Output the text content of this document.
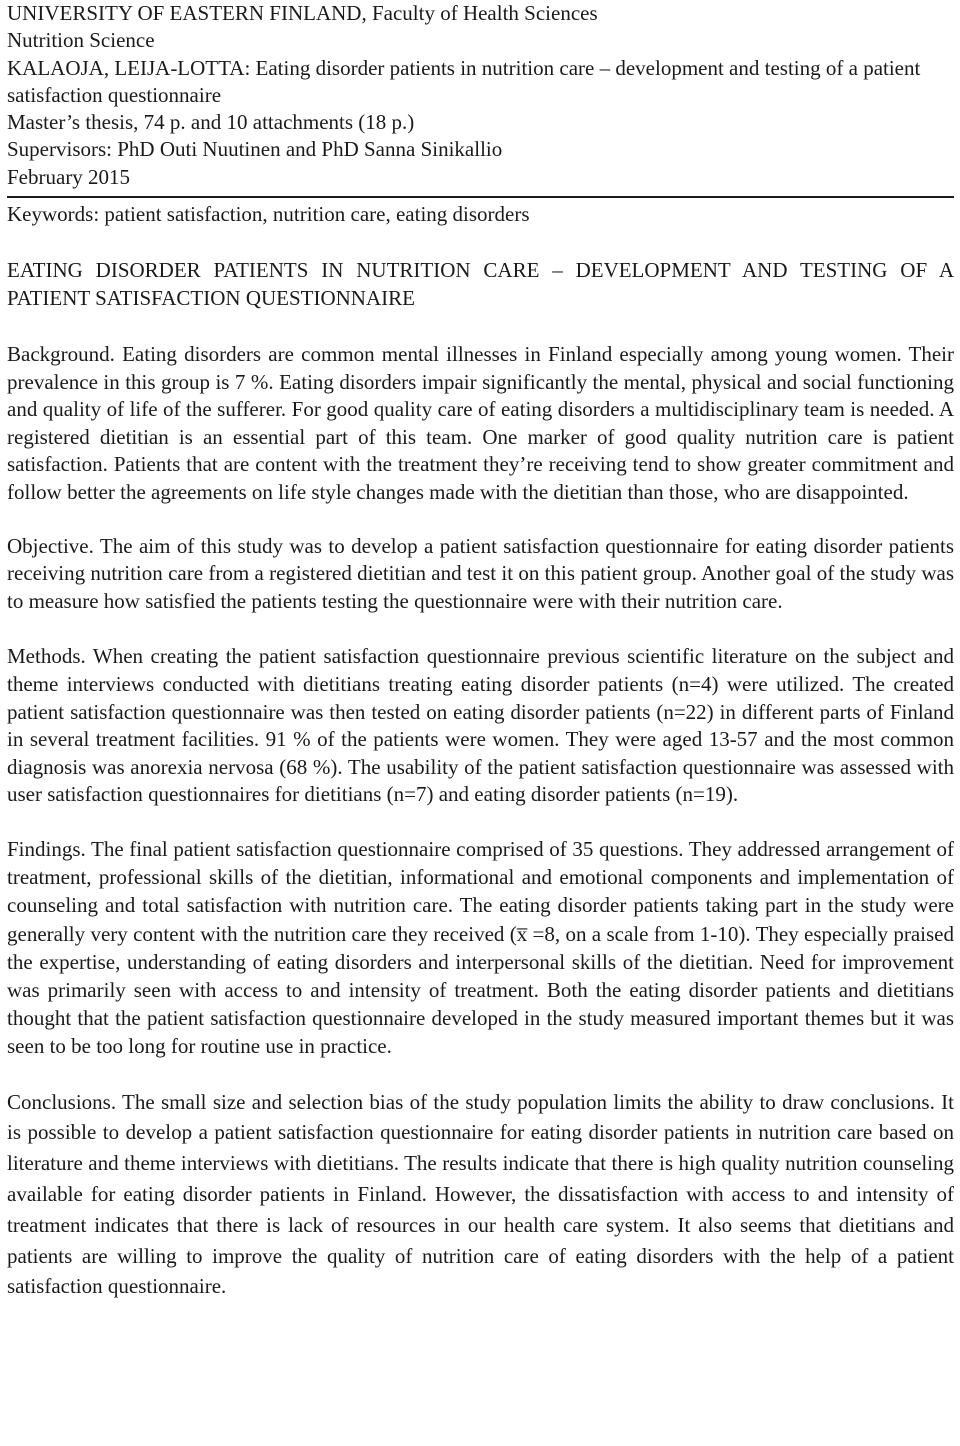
UNIVERSITY OF EASTERN FINLAND, Faculty of Health Sciences
Nutrition Science
KALAOJA, LEIJA-LOTTA: Eating disorder patients in nutrition care – development and testing of a patient satisfaction questionnaire
Master’s thesis, 74 p. and 10 attachments (18 p.)
Supervisors: PhD Outi Nuutinen and PhD Sanna Sinikallio
February 2015
Keywords: patient satisfaction, nutrition care, eating disorders
EATING DISORDER PATIENTS IN NUTRITION CARE – DEVELOPMENT AND TESTING OF A PATIENT SATISFACTION QUESTIONNAIRE

Background. Eating disorders are common mental illnesses in Finland especially among young women. Their prevalence in this group is 7 %. Eating disorders impair significantly the mental, physical and social functioning and quality of life of the sufferer. For good quality care of eating disorders a multidisciplinary team is needed. A registered dietitian is an essential part of this team. One marker of good quality nutrition care is patient satisfaction. Patients that are content with the treatment they’re receiving tend to show greater commitment and follow better the agreements on life style changes made with the dietitian than those, who are disappointed.

Objective. The aim of this study was to develop a patient satisfaction questionnaire for eating disorder patients receiving nutrition care from a registered dietitian and test it on this patient group. Another goal of the study was to measure how satisfied the patients testing the questionnaire were with their nutrition care.

Methods. When creating the patient satisfaction questionnaire previous scientific literature on the subject and theme interviews conducted with dietitians treating eating disorder patients (n=4) were utilized. The created patient satisfaction questionnaire was then tested on eating disorder patients (n=22) in different parts of Finland in several treatment facilities. 91 % of the patients were women. They were aged 13-57 and the most common diagnosis was anorexia nervosa (68 %). The usability of the patient satisfaction questionnaire was assessed with user satisfaction questionnaires for dietitians (n=7) and eating disorder patients (n=19).

Findings. The final patient satisfaction questionnaire comprised of 35 questions. They addressed arrangement of treatment, professional skills of the dietitian, informational and emotional components and implementation of counseling and total satisfaction with nutrition care. The eating disorder patients taking part in the study were generally very content with the nutrition care they received (x̅ =8, on a scale from 1-10). They especially praised the expertise, understanding of eating disorders and interpersonal skills of the dietitian. Need for improvement was primarily seen with access to and intensity of treatment. Both the eating disorder patients and dietitians thought that the patient satisfaction questionnaire developed in the study measured important themes but it was seen to be too long for routine use in practice.

Conclusions. The small size and selection bias of the study population limits the ability to draw conclusions. It is possible to develop a patient satisfaction questionnaire for eating disorder patients in nutrition care based on literature and theme interviews with dietitians. The results indicate that there is high quality nutrition counseling available for eating disorder patients in Finland. However, the dissatisfaction with access to and intensity of treatment indicates that there is lack of resources in our health care system. It also seems that dietitians and patients are willing to improve the quality of nutrition care of eating disorders with the help of a patient satisfaction questionnaire.
